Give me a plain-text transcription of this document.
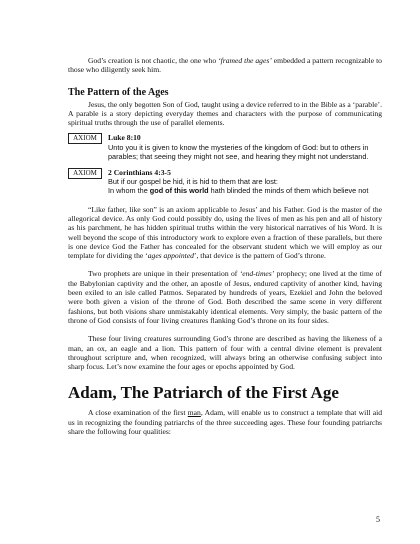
God’s creation is not chaotic, the one who ‘framed the ages’ embedded a pattern recognizable to those who diligently seek him.

The Pattern of the Ages

Jesus, the only begotten Son of God, taught using a device referred to in the Bible as a ‘parable’. A parable is a story depicting everyday themes and characters with the purpose of communicating spiritual truths through the use of parallel elements.

AXIOM	Luke 8:10
Unto you it is given to know the mysteries of the kingdom of God: but to others in parables; that seeing they might not see, and hearing they might not understand.
AXIOM	2 Corinthians 4:3-5
But if our gospel be hid, it is hid to them that are lost:
In whom the god of this world hath blinded the minds of them which believe not

“Like father, like son” is an axiom applicable to Jesus’ and his Father. God is the master of the allegorical device. As only God could possibly do, using the lives of men as his pen and all of history as his parchment, he has hidden spiritual truths within the very historical narratives of his Word. It is well beyond the scope of this introductory work to explore even a fraction of these parallels, but there is one device God the Father has concealed for the observant student which we will employ as our template for dividing the ‘ages appointed’, that device is the pattern of God’s throne.

Two prophets are unique in their presentation of ‘end-times’ prophecy; one lived at the time of the Babylonian captivity and the other, an apostle of Jesus, endured captivity of another kind, having been exiled to an isle called Patmos. Separated by hundreds of years, Ezekiel and John the beloved were both given a vision of the throne of God. Both described the same scene in very different fashions, but both visions share unmistakably identical elements. Very simply, the basic pattern of the throne of God consists of four living creatures flanking God’s throne on its four sides.

These four living creatures surrounding God’s throne are described as having the likeness of a man, an ox, an eagle and a lion. This pattern of four with a central divine element is prevalent throughout scripture and, when recognized, will always bring an otherwise confusing subject into sharp focus. Let’s now examine the four ages or epochs appointed by God.

Adam, The Patriarch of the First Age

A close examination of the first man, Adam, will enable us to construct a template that will aid us in recognizing the founding patriarchs of the three succeeding ages. These four founding patriarchs share the following four qualities:

5
